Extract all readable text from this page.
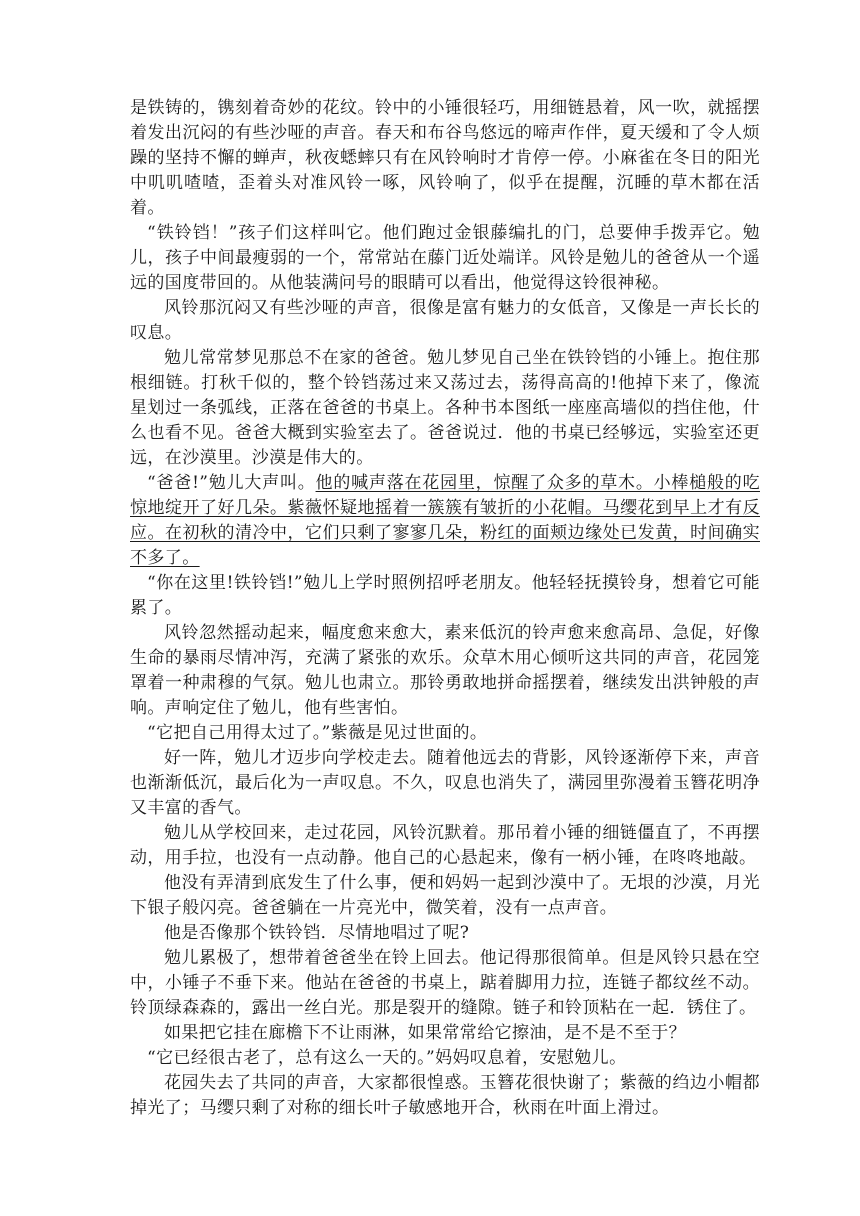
是铁铸的，镌刻着奇妙的花纹。铃中的小锤很轻巧，用细链悬着，风一吹，就摇摆着发出沉闷的有些沙哑的声音。春天和布谷鸟悠远的啼声作伴，夏天缓和了令人烦躁的坚持不懈的蝉声，秋夜蟋蟀只有在风铃响时才肯停一停。小麻雀在冬日的阳光中叽叽喳喳，歪着头对准风铃一啄，风铃响了，似乎在提醒，沉睡的草木都在活着。

“铁铃铛！”孩子们这样叫它。他们跑过金银藤编扎的门，总要伸手拨弄它。勉儿，孩子中间最瘦弱的一个，常常站在藤门近处端详。风铃是勉儿的爸爸从一个遥远的国度带回的。从他装满问号的眼睛可以看出，他觉得这铃很神秘。

风铃那沉闷又有些沙哑的声音，很像是富有魅力的女低音，又像是一声长长的叹息。

勉儿常常梦见那总不在家的爸爸。勉儿梦见自己坐在铁铃铛的小锤上。抱住那根细链。打秋千似的，整个铃铛荡过来又荡过去，荡得高高的!他掉下来了，像流星划过一条弧线，正落在爸爸的书桌上。各种书本图纸一座座高墙似的挡住他，什么也看不见。爸爸大概到实验室去了。爸爸说过．他的书桌已经够远，实验室还更远，在沙漠里。沙漠是伟大的。

“爸爸!”勉儿大声叫。他的喊声落在花园里，惊醒了众多的草木。小棒槌般的吃惊地绽开了好几朵。紫薇怀疑地摇着一簇簇有皱折的小花帽。马缨花到早上才有反应。在初秋的清冷中，它们只剩了寥寥几朵，粉红的面颊边缘处已发黄，时间确实不多了。

“你在这里!铁铃铛!”勉儿上学时照例招呼老朋友。他轻轻抚摸铃身，想着它可能累了。

风铃忽然摇动起来，幅度愈来愈大，素来低沉的铃声愈来愈高昂、急促，好像生命的暴雨尽情冲泻，充满了紧张的欢乐。众草木用心倾听这共同的声音，花园笼罩着一种肃穆的气氛。勉儿也肃立。那铃勇敢地拼命摇摆着，继续发出洪钟般的声响。声响定住了勉儿，他有些害怕。

“它把自己用得太过了。”紫薇是见过世面的。

好一阵，勉儿才迈步向学校走去。随着他远去的背影，风铃逐渐停下来，声音也渐渐低沉，最后化为一声叹息。不久，叹息也消失了，满园里弥漫着玉簪花明净又丰富的香气。

勉儿从学校回来，走过花园，风铃沉默着。那吊着小锤的细链僵直了，不再摆动，用手拉，也没有一点动静。他自己的心悬起来，像有一柄小锤，在咚咚地敲。

他没有弄清到底发生了什么事，便和妈妈一起到沙漠中了。无垠的沙漠，月光下银子般闪亮。爸爸躺在一片亮光中，微笑着，没有一点声音。

他是否像那个铁铃铛．尽情地唱过了呢?

勉儿累极了，想带着爸爸坐在铃上回去。他记得那很简单。但是风铃只悬在空中，小锤子不垂下来。他站在爸爸的书桌上，踮着脚用力拉，连链子都纹丝不动。铃顶绿森森的，露出一丝白光。那是裂开的缝隙。链子和铃顶粘在一起．锈住了。

如果把它挂在廊檐下不让雨淋，如果常常给它擦油，是不是不至于？

“它已经很古老了，总有这么一天的。”妈妈叹息着，安慰勉儿。

花园失去了共同的声音，大家都很惶惑。玉簪花很快谢了；紫薇的绉边小帽都掉光了；马缨只剩了对称的细长叶子敏感地开合，秋雨在叶面上滑过。
